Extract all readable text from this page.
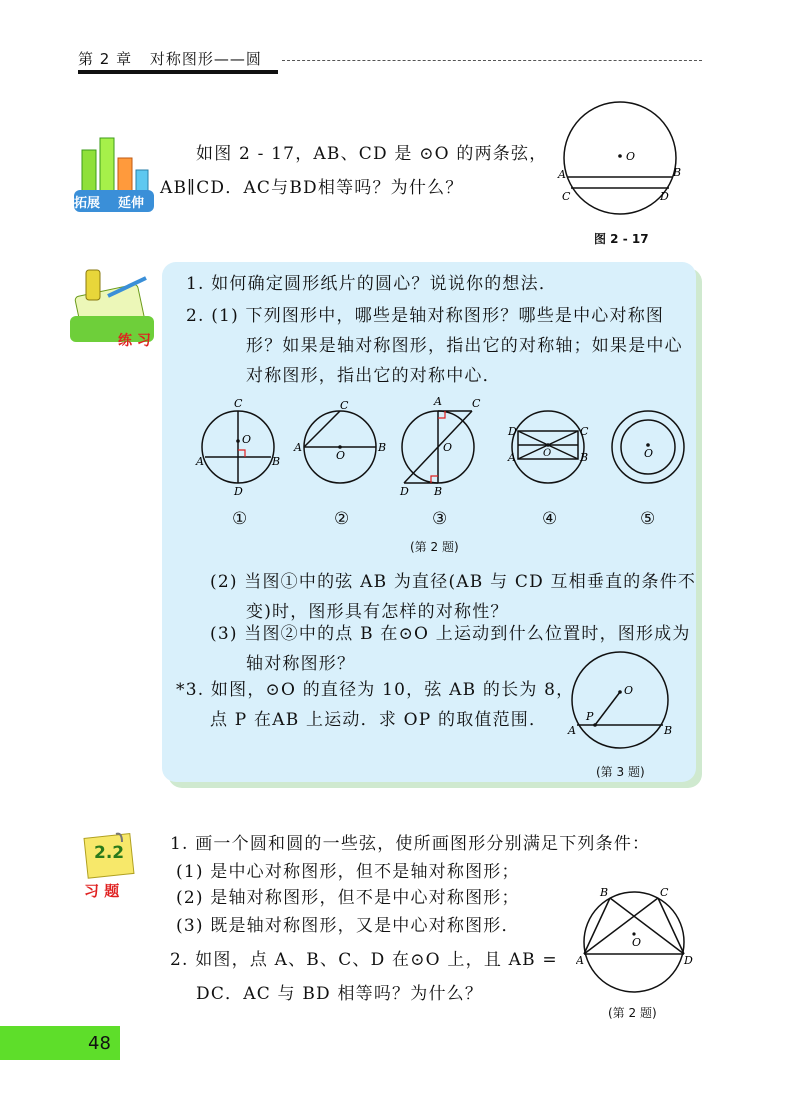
第 2 章 对称图形——圆
拓展 延伸
如图 2 - 17，AB、CD 是 ⊙O 的两条弦，
AB∥CD．AC与BD相等吗？为什么？
O
A	B
C	D
图 2 - 17
练 习
1. 如何确定圆形纸片的圆心？说说你的想法．
2. (1) 下列图形中，哪些是轴对称图形？哪些是中心对称图
形？如果是轴对称图形，指出它的对称轴；如果是中心
对称图形，指出它的对称中心．
O
C
D
A	B	O
C
A	B	O
A	C
D B
O
D	C
A	B	O
①	②	③	④	⑤
(第 2 题)
(2) 当图①中的弦 AB 为直径(AB 与 CD 互相垂直的条件不
变)时，图形具有怎样的对称性？
(3) 当图②中的点 B 在⊙O 上运动到什么位置时，图形成为
轴对称图形？
*3. 如图，⊙O 的直径为 10，弦 AB 的长为 8，
点 P 在AB 上运动．求 OP 的取值范围．
O
P
A	B
(第 3 题)
2.2
习 题
1. 画一个圆和圆的一些弦，使所画图形分别满足下列条件：
(1) 是中心对称图形，但不是轴对称图形；
(2) 是轴对称图形，但不是中心对称图形；
(3) 既是轴对称图形，又是中心对称图形．
2. 如图，点 A、B、C、D 在⊙O 上，且 AB =
DC．AC 与 BD 相等吗？为什么？
O
B	C
A	D
(第 2 题)
48
